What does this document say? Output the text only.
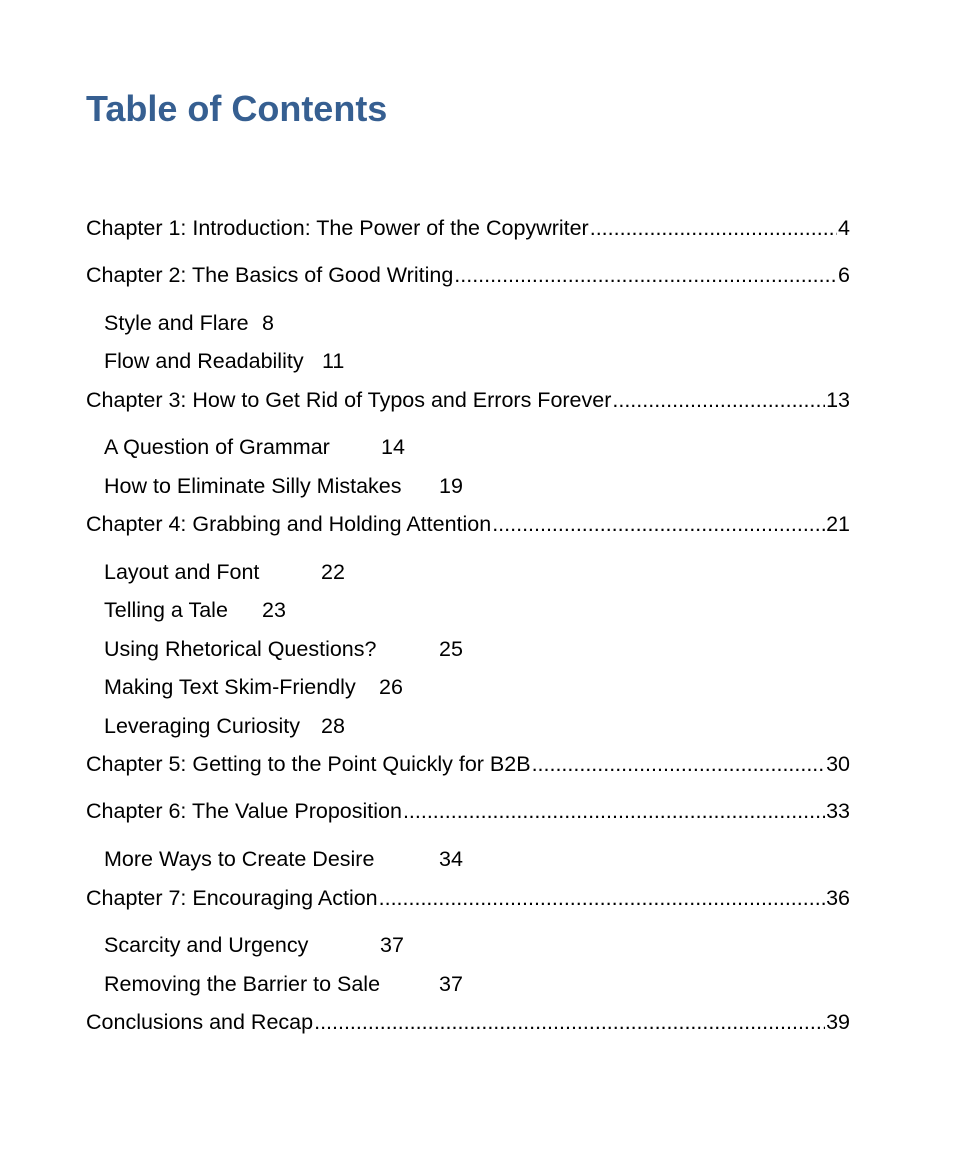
Table of Contents
Chapter 1: Introduction: The Power of the Copywriter .....	4
Chapter 2: The Basics of Good Writing .....	6
Style and Flare 8
Flow and Readability 11
Chapter 3: How to Get Rid of Typos and Errors Forever .....	13
A Question of Grammar 14
How to Eliminate Silly Mistakes 19
Chapter 4: Grabbing and Holding Attention .....	21
Layout and Font	22
Telling a Tale 23
Using Rhetorical Questions?	25
Making Text Skim-Friendly 26
Leveraging Curiosity 28
Chapter 5: Getting to the Point Quickly for B2B .....	30
Chapter 6: The Value Proposition .....	33
More Ways to Create Desire	34
Chapter 7: Encouraging Action .....	36
Scarcity and Urgency	37
Removing the Barrier to Sale	37
Conclusions and Recap .....	39
